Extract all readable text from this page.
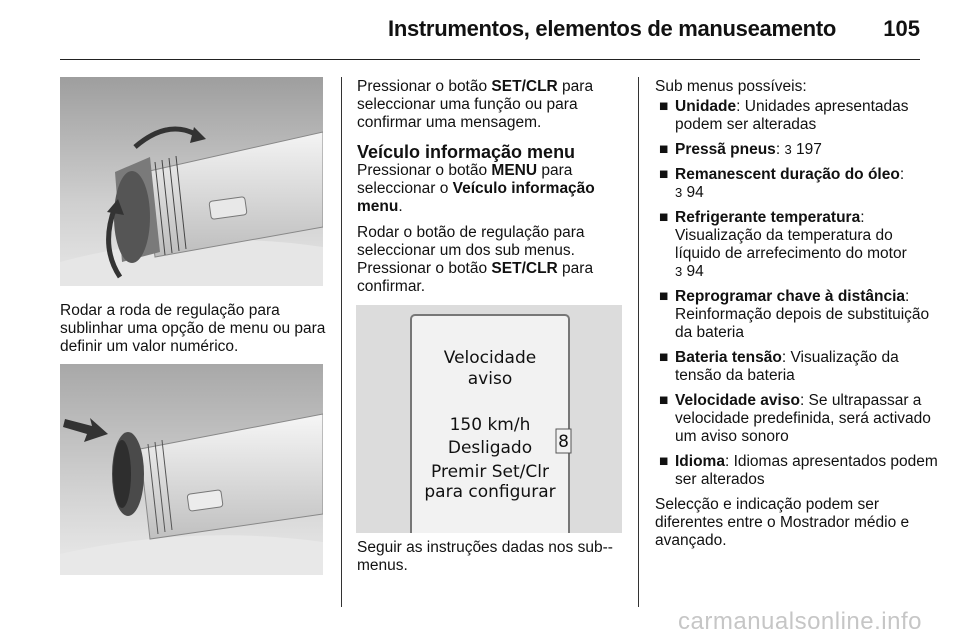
Instrumentos, elementos de manuseamento 105

Rodar a roda de regulação para sublinhar uma opção de menu ou para definir um valor numérico.

Pressionar o botão SET/CLR para seleccionar uma função ou para confirmar uma mensagem.

Veículo informação menu

Pressionar o botão MENU para seleccionar o Veículo informação menu.

Rodar o botão de regulação para seleccionar um dos sub menus.
Pressionar o botão SET/CLR para confirmar.

Velocidade
aviso
150 km/h
Desligado
Premir Set/Clr
para configurar
8

Seguir as instruções dadas nos sub--menus.

Sub menus possíveis:

■ Unidade: Unidades apresentadas podem ser alteradas
■ Pressã pneus: 3 197
■ Remanescent duração do óleo:
3 94
■ Refrigerante temperatura: Visualização da temperatura do líquido de arrefecimento do motor
3 94
■ Reprogramar chave à distância: Reinformação depois de substituição da bateria
■ Bateria tensão: Visualização da tensão da bateria
■ Velocidade aviso: Se ultrapassar a velocidade predefinida, será activado um aviso sonoro
■ Idioma: Idiomas apresentados podem ser alterados

Selecção e indicação podem ser diferentes entre o Mostrador médio e avançado.

carmanualsonline.info
